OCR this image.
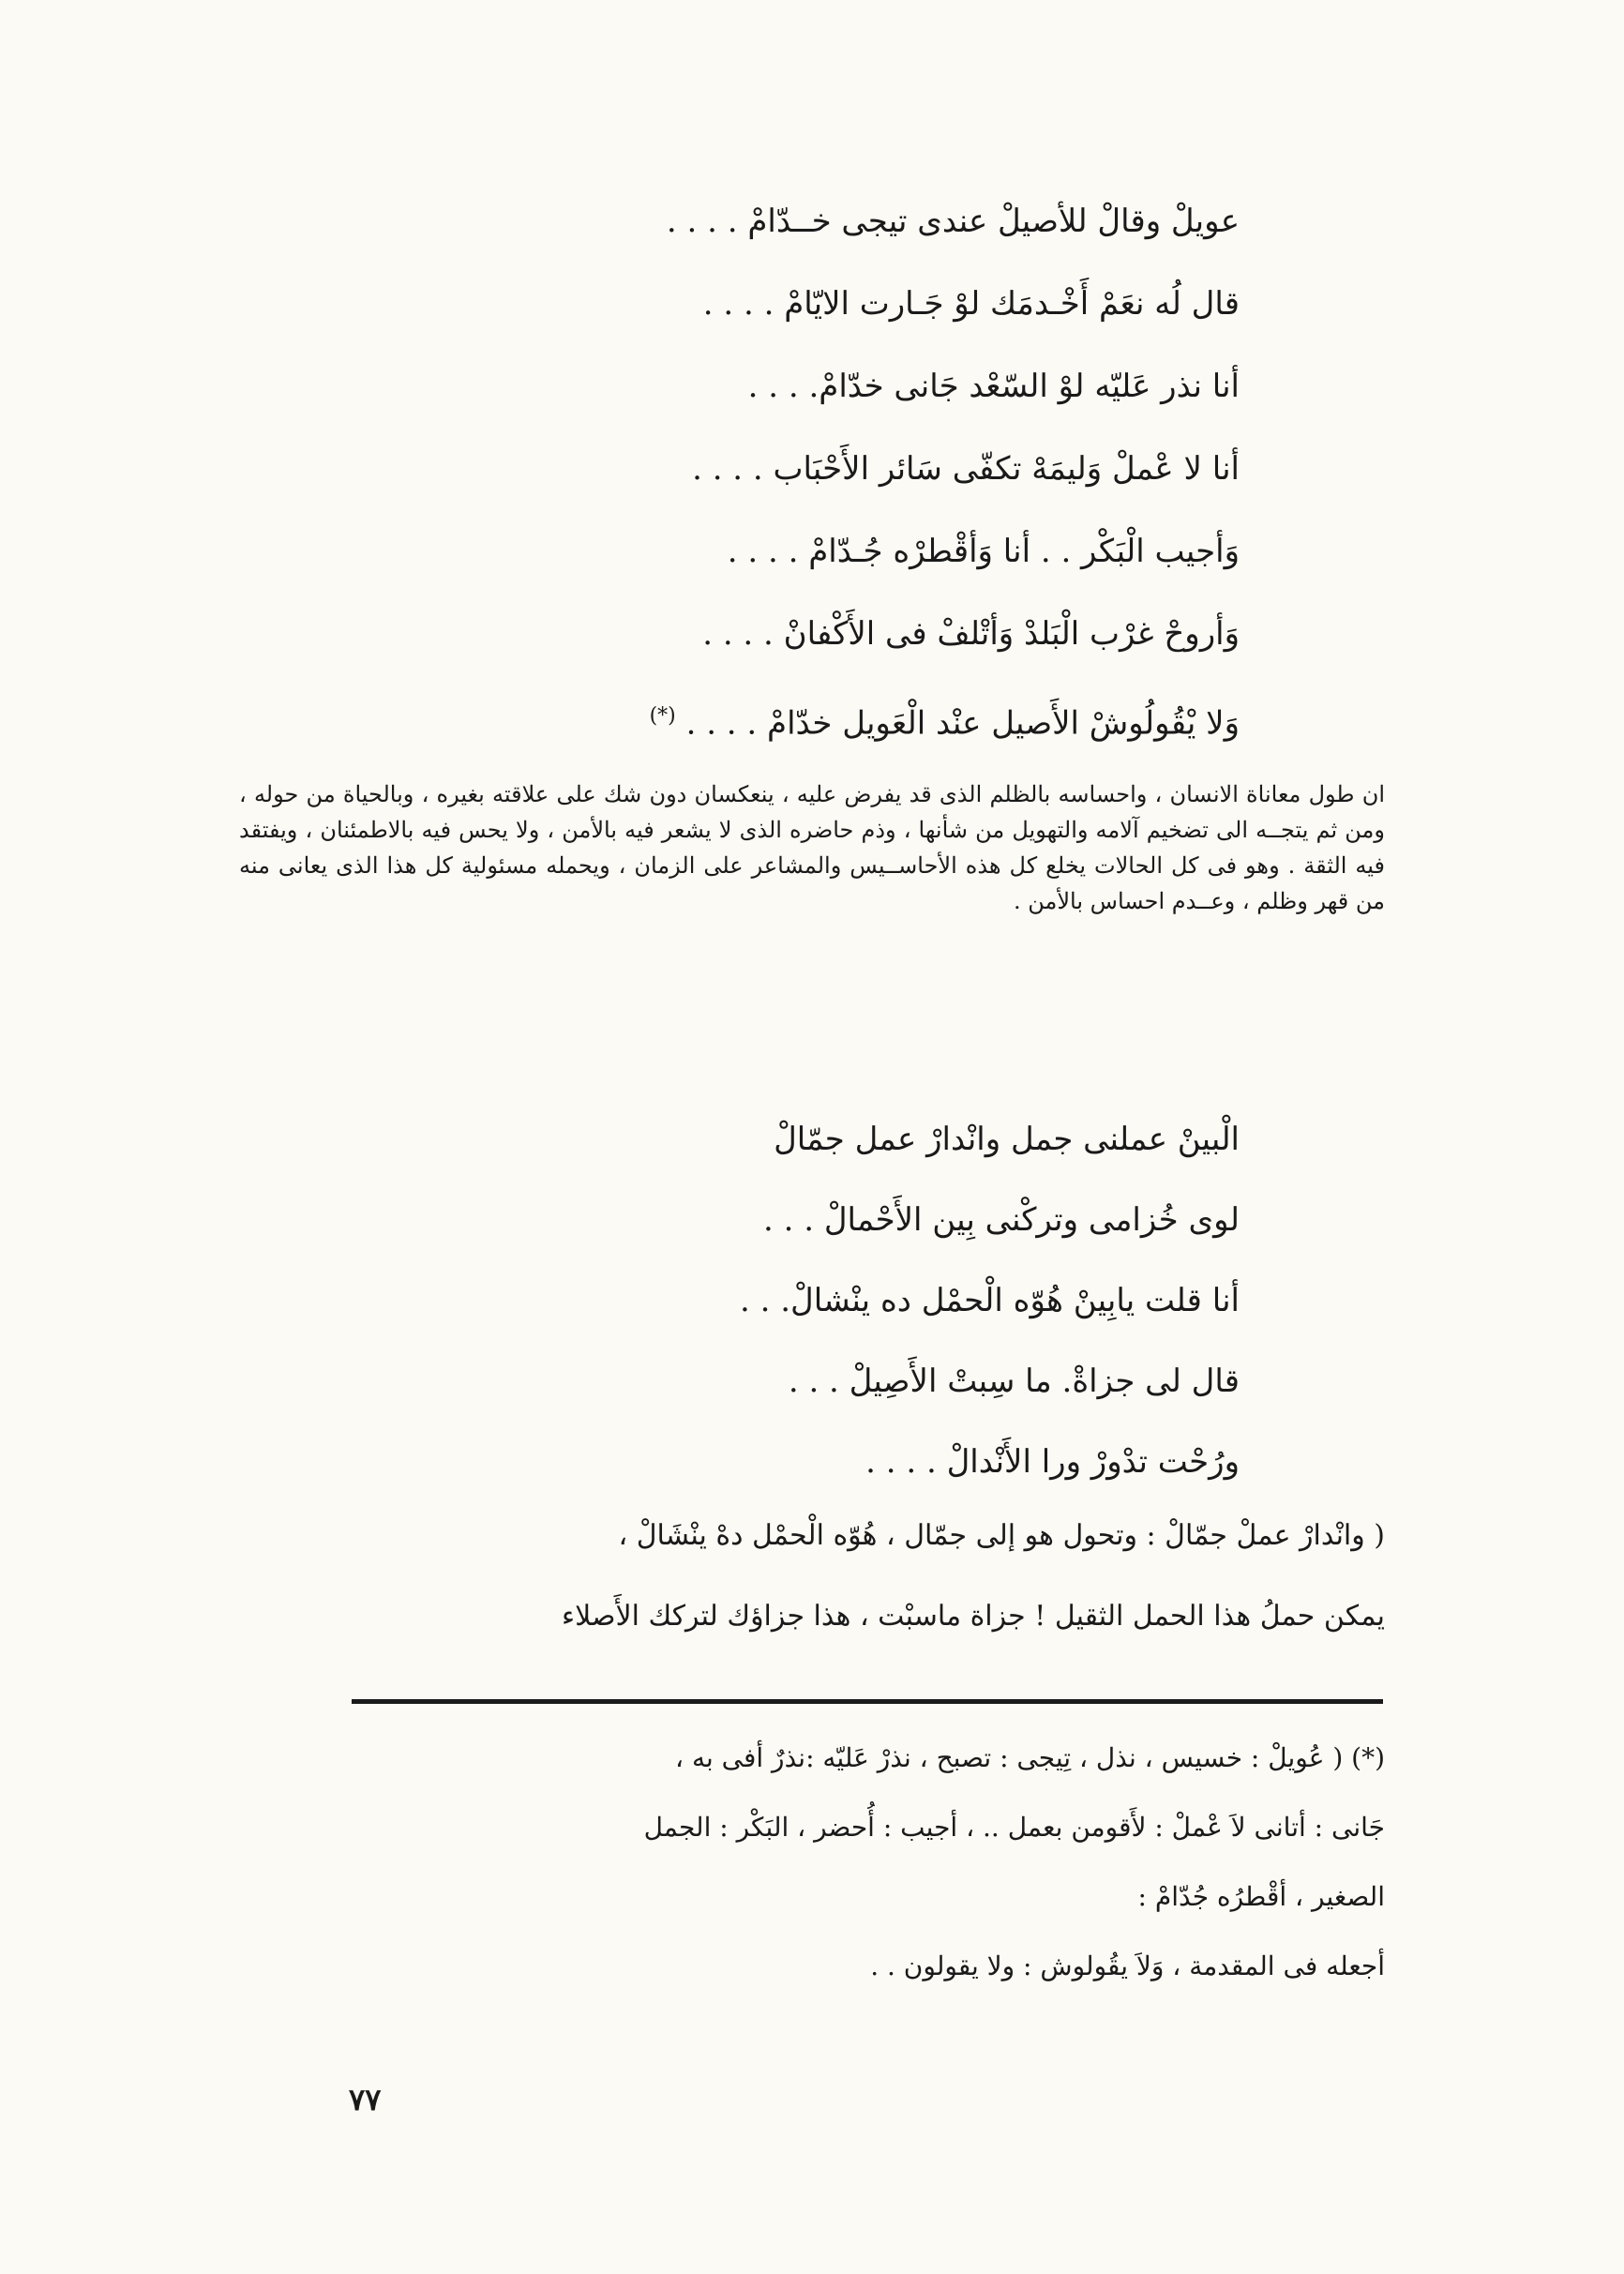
عويلْ وقالْ للأصيلْ عندى تيجى خــدّامْ . . . .
قال لُه نعَمْ أَخْـدمَك لوْ جَـارت الايّامْ . . . .
أنا نذر عَليّه لوْ السّعْد جَانى خدّامْ. . . .
أنا لا عْملْ وَليمَهْ تكفّى سَائر الأَحْبَاب . . . .
وَأجيب الْبَكْر . . أنا وَأقْطرْه جُـدّامْ . . . .
وَأروحْ غرْب الْبَلدْ وَأتْلفْ فى الأَكْفانْ . . . .
وَلا يْقُولُوشْ الأَصيل عنْد الْعَويل خدّامْ . . . . (*)

ان طول معاناة الانسان ، واحساسه بالظلم الذى قد يفرض عليه ، ينعكسان دون شك على علاقته بغيره ، وبالحياة من حوله ، ومن ثم يتجــه الى تضخيم آلامه والتهويل من شأنها ، وذم حاضره الذى لا يشعر فيه بالأمن ، ولا يحس فيه بالاطمئنان ، ويفتقد فيه الثقة . وهو فى كل الحالات يخلع كل هذه الأحاســيس والمشاعر على الزمان ، ويحمله مسئولية كل هذا الذى يعانى منه من قهر وظلم ، وعــدم احساس بالأمن .

الْبينْ عملنى جمل وانْدارْ عمل جمّالْ
لوى خُزامى وتركْنى بِين الأَحْمالْ . . .
أنا قلت يابِينْ هُوّه الْحمْل ده ينْشالْ. . .
قال لى جزاةْ. ما سِبتْ الأَصِيلْ . . .
ورُحْت تدْورْ ورا الأَنْدالْ . . . .
( وانْدارْ عملْ جمّالْ : وتحول هو إلى جمّال ، هُوّه الْحمْل دهْ ينْشَالْ ،
يمكن حملُ هذا الحمل الثقيل ! جزاة ماسبْت ، هذا جزاؤك لتركك الأَصلاء
(*) ( عُويلْ : خسيس ، نذل ، تِيجى : تصبح ، نذرْ عَليّه :نذرٌ أفى به ،
جَانى : أتانى لاَ عْملْ : لأَقومن بعمل .. ، أجيب : أُحضر ، البَكْر : الجمل
الصغير ، أقْطرُه جُدّامْ :
أجعله فى المقدمة ، وَلاَ يقُولوش : ولا يقولون . .
٧٧
